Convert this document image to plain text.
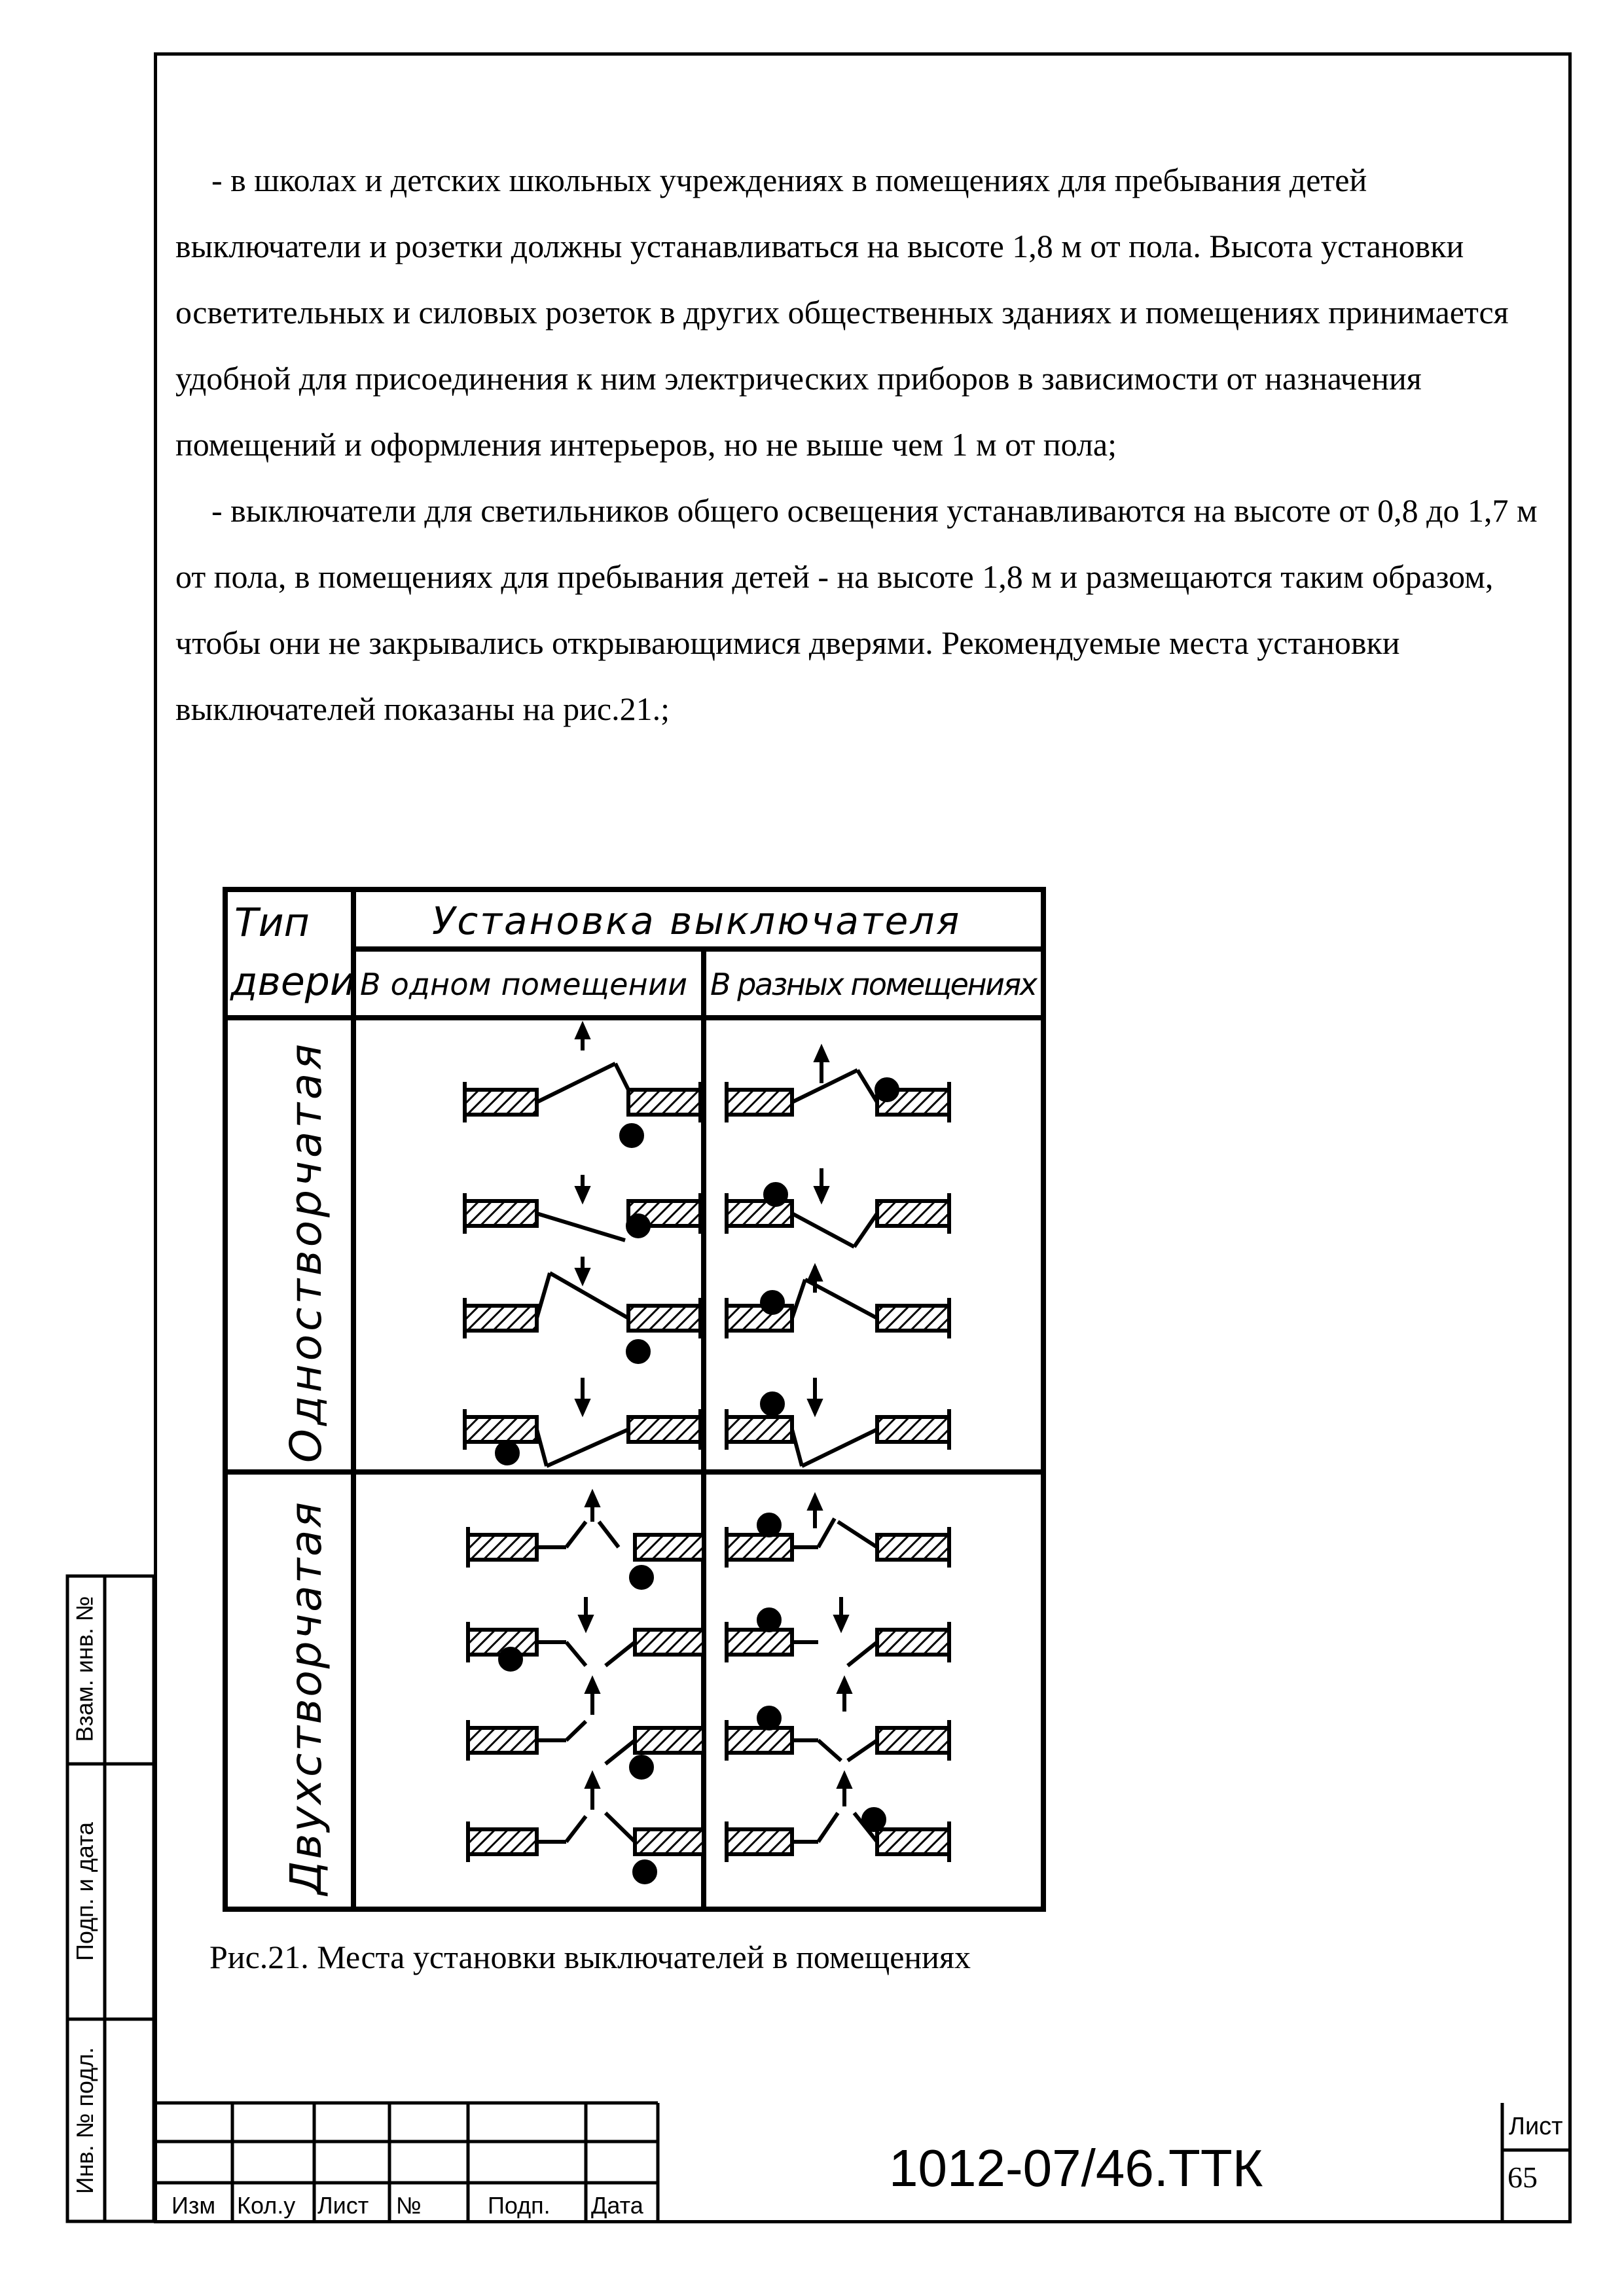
- в школах и детских школьных учреждениях в помещениях для пребывания детей выключатели и розетки должны устанавливаться на высоте 1,8 м от пола. Высота установки осветительных и силовых розеток в других общественных зданиях и помещениях принимается удобной для присоединения к ним электрических приборов в зависимости от назначения помещений и оформления интерьеров, но не выше чем 1 м от пола;

- выключатели для светильников общего освещения устанавливаются на высоте от 0,8 до 1,7 м от пола, в помещениях для пребывания детей - на высоте 1,8 м и размещаются таким образом, чтобы они не закрывались открывающимися дверями. Рекомендуемые места установки выключателей показаны на рис.21.;

Тип
двери
Установка выключателя
В одном помещении В разных помещениях
Одностворчатая
Двухстворчатая
Рис.21. Места установки выключателей в помещениях
Взам. инв. №
Подп. и дата
Инв. № подл.
Изм Кол.у Лист №	Подп. Дата
1012-07/46.ТТК
Лист
65
